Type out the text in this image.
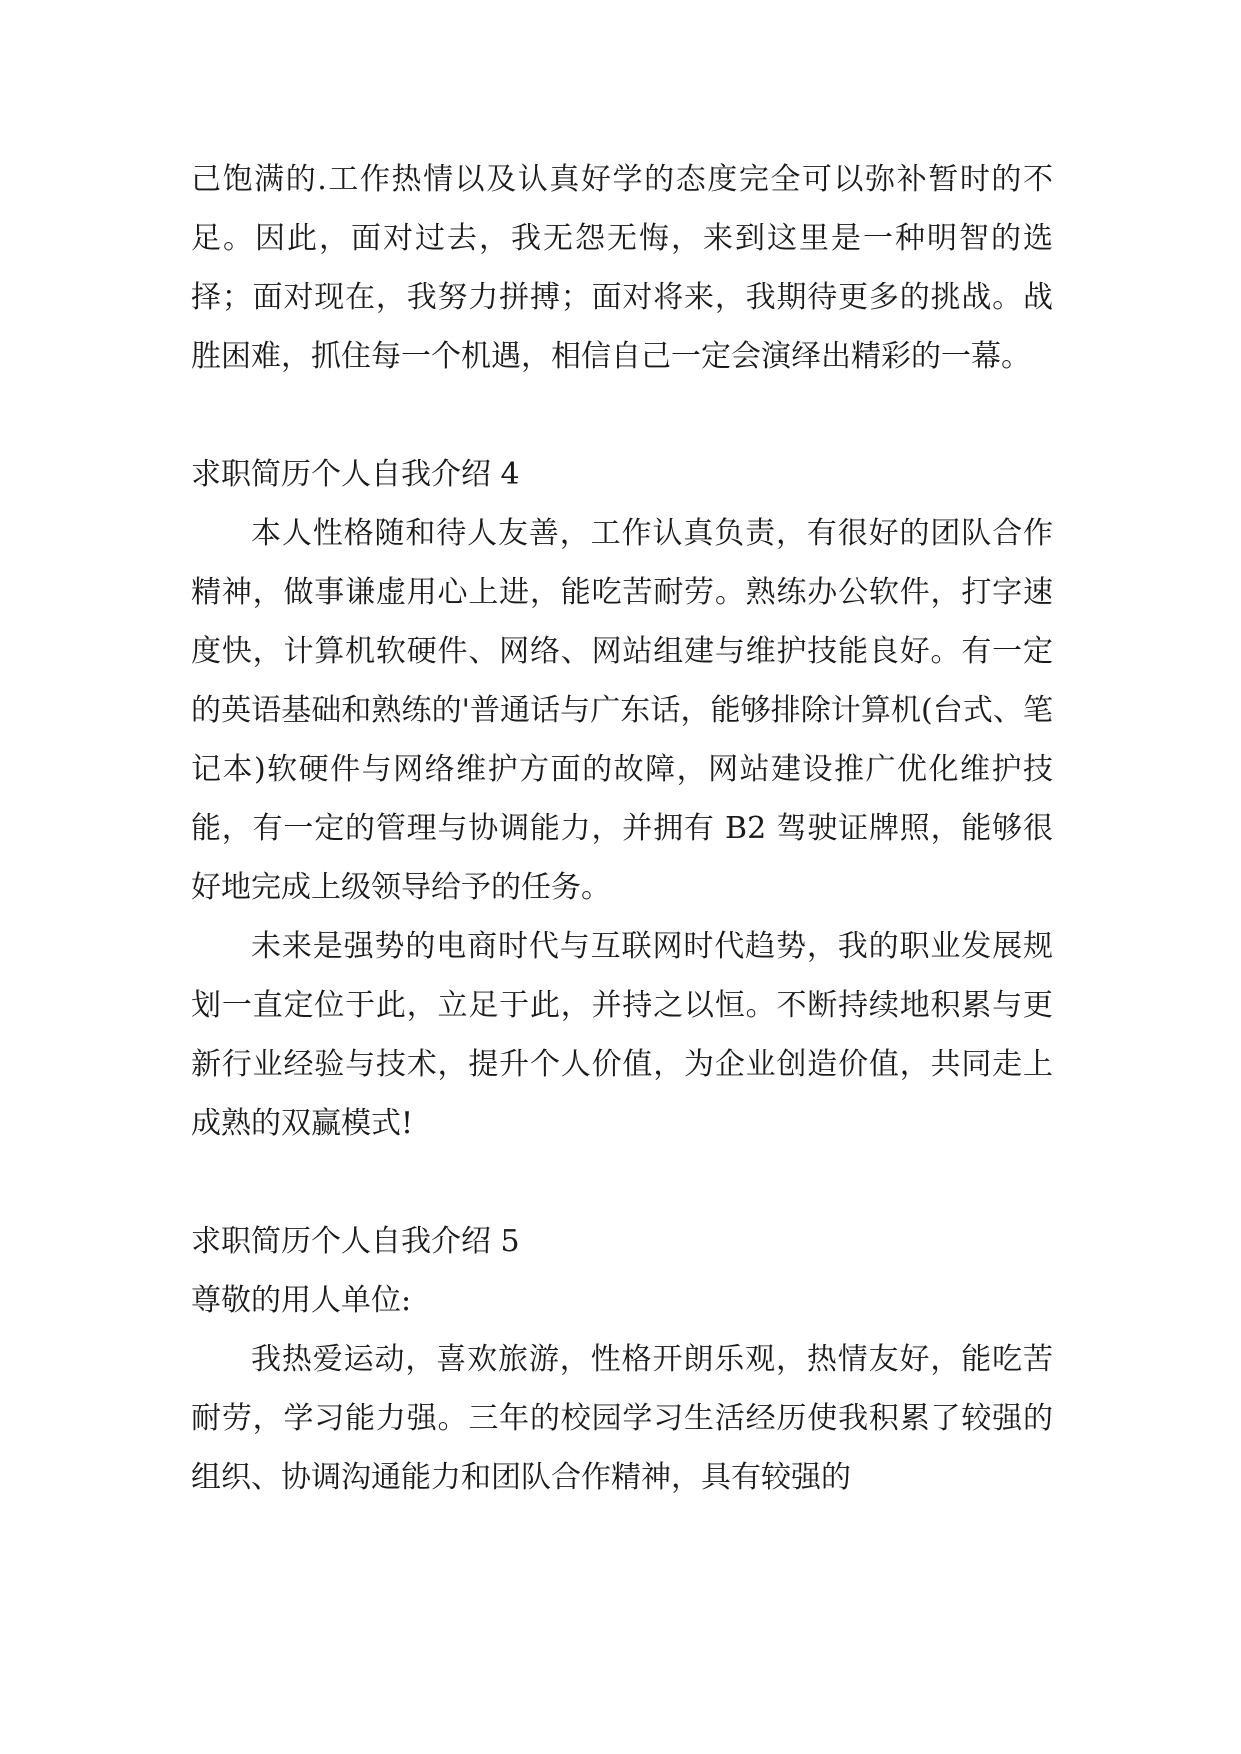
己饱满的.工作热情以及认真好学的态度完全可以弥补暂时的不足。因此，面对过去，我无怨无悔，来到这里是一种明智的选择；面对现在，我努力拼搏；面对将来，我期待更多的挑战。战胜困难，抓住每一个机遇，相信自己一定会演绎出精彩的一幕。

求职简历个人自我介绍 4

本人性格随和待人友善，工作认真负责，有很好的团队合作精神，做事谦虚用心上进，能吃苦耐劳。熟练办公软件，打字速度快，计算机软硬件、网络、网站组建与维护技能良好。有一定的英语基础和熟练的'普通话与广东话，能够排除计算机(台式、笔记本)软硬件与网络维护方面的故障，网站建设推广优化维护技能，有一定的管理与协调能力，并拥有 B2 驾驶证牌照，能够很好地完成上级领导给予的任务。

未来是强势的电商时代与互联网时代趋势，我的职业发展规划一直定位于此，立足于此，并持之以恒。不断持续地积累与更新行业经验与技术，提升个人价值，为企业创造价值，共同走上成熟的双赢模式!

求职简历个人自我介绍 5

尊敬的用人单位:

我热爱运动，喜欢旅游，性格开朗乐观，热情友好，能吃苦耐劳，学习能力强。三年的校园学习生活经历使我积累了较强的组织、协调沟通能力和团队合作精神，具有较强的
